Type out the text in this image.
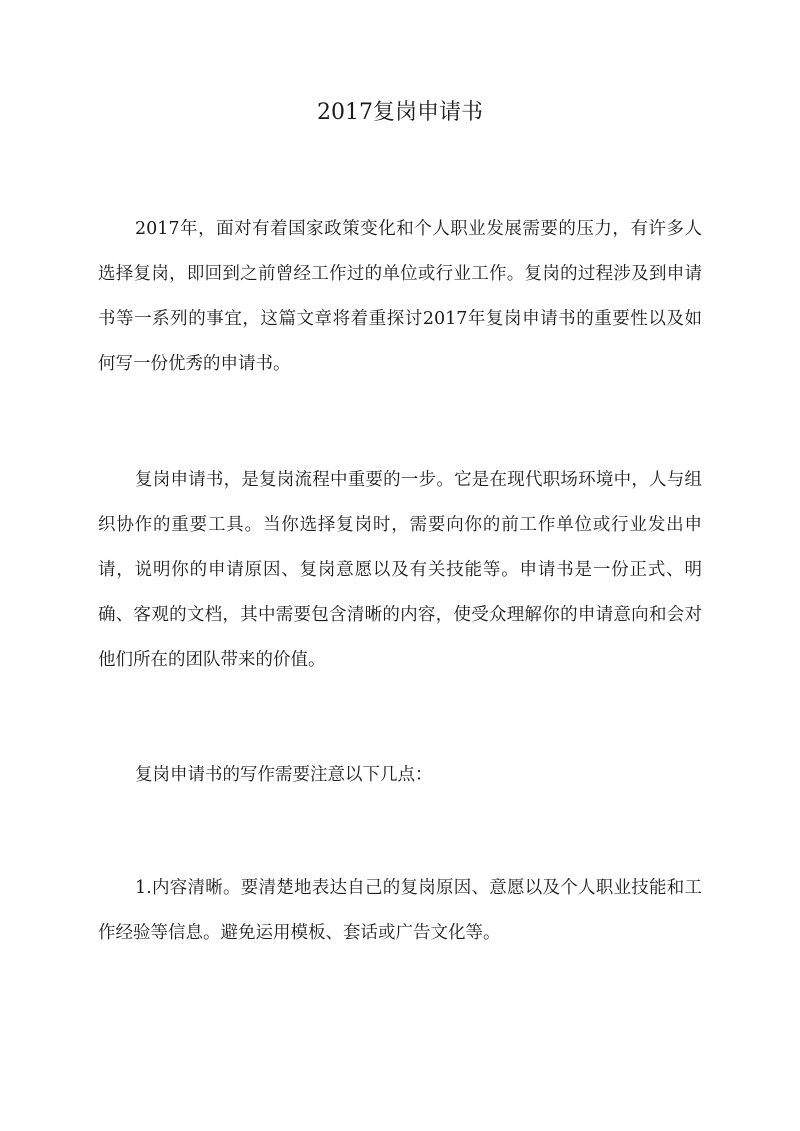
2017复岗申请书

2017年，面对有着国家政策变化和个人职业发展需要的压力，有许多人选择复岗，即回到之前曾经工作过的单位或行业工作。复岗的过程涉及到申请书等一系列的事宜，这篇文章将着重探讨2017年复岗申请书的重要性以及如何写一份优秀的申请书。

复岗申请书，是复岗流程中重要的一步。它是在现代职场环境中，人与组织协作的重要工具。当你选择复岗时，需要向你的前工作单位或行业发出申请，说明你的申请原因、复岗意愿以及有关技能等。申请书是一份正式、明确、客观的文档，其中需要包含清晰的内容，使受众理解你的申请意向和会对他们所在的团队带来的价值。

复岗申请书的写作需要注意以下几点：

1.内容清晰。要清楚地表达自己的复岗原因、意愿以及个人职业技能和工作经验等信息。避免运用模板、套话或广告文化等。
